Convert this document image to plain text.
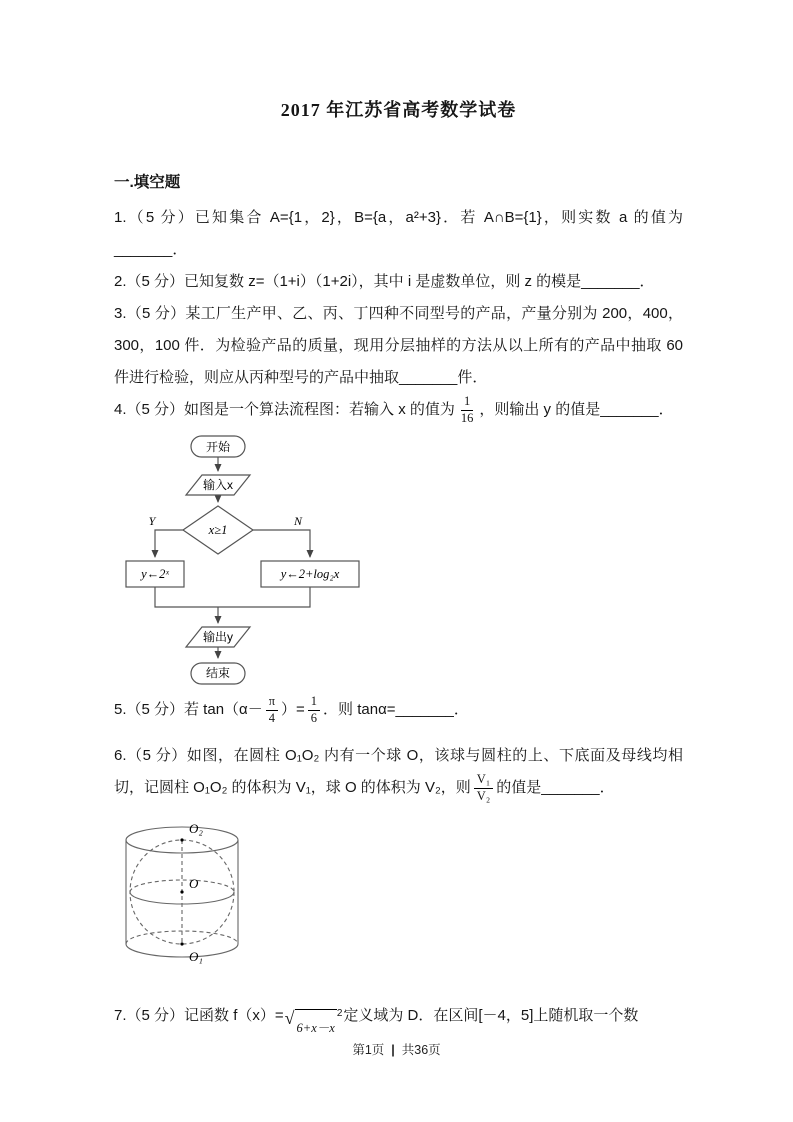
2017 年江苏省高考数学试卷
一.填空题

1.（5 分）已知集合 A={1，2}，B={a，a²+3}．若 A∩B={1}，则实数 a 的值为_______．

2.（5 分）已知复数 z=（1+i）（1+2i），其中 i 是虚数单位，则 z 的模是_______．

3.（5 分）某工厂生产甲、乙、丙、丁四种不同型号的产品，产量分别为 200，400，300，100 件．为检验产品的质量，现用分层抽样的方法从以上所有的产品中抽取 60 件进行检验，则应从丙种型号的产品中抽取_______件．

4.（5 分）如图是一个算法流程图：若输入 x 的值为 $\frac{1}{16}$ ，则输出 y 的值是_______．

开始
输入x
x≥1
Y	N
y←2ˣ	y←2+log₂x
输出y
结束

5.（5 分）若 $\tan(\alpha- \frac{\pi}{4}$ ）= $\frac{1}{6}$ ．则 tanα=_______．

6.（5 分）如图，在圆柱 O₁O₂ 内有一个球 O，该球与圆柱的上、下底面及母线均相切，记圆柱 O₁O₂ 的体积为 V₁，球 O 的体积为 V₂，则 $\frac{\text{V₁}}{\text{V₂}}$ 的值是_______．

O₂
O
O₁

7.（5 分）记函数 f（x）= √ 6+x－x
2 定义域为 D．在区间[－4，5]上随机取一个数

第1页 | 共36页
